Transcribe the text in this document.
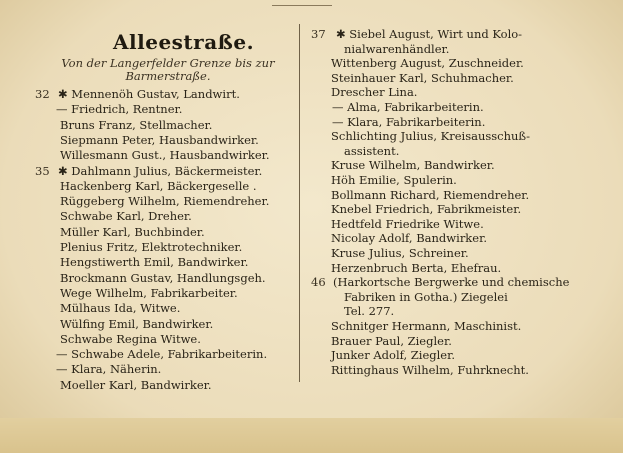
Alleestraße.
Von der Langerfelder Grenze bis zur
Barmerstraße.
32 ✱ Mennenöh Gustav, Landwirt.
— Friedrich, Rentner.
Bruns Franz, Stellmacher.
Siepmann Peter, Hausbandwirker.
Willesmann Gust., Hausbandwirker.
35 ✱ Dahlmann Julius, Bäckermeister.
Hackenberg Karl, Bäckergeselle .
Rüggeberg Wilhelm, Riemendreher.
Schwabe Karl, Dreher.
Müller Karl, Buchbinder.
Plenius Fritz, Elektrotechniker.
Hengstiwerth Emil, Bandwirker.
Brockmann Gustav, Handlungsgeh.
Wege Wilhelm, Fabrikarbeiter.
Mülhaus Ida, Witwe.
Wülfing Emil, Bandwirker.
Schwabe Regina Witwe.
— Schwabe Adele, Fabrikarbeiterin.
— Klara, Näherin.
Moeller Karl, Bandwirker.
37 ✱ Siebel August, Wirt und Kolo-
nialwarenhändler.
Wittenberg August, Zuschneider.
Steinhauer Karl, Schuhmacher.
Drescher Lina.
— Alma, Fabrikarbeiterin.
— Klara, Fabrikarbeiterin.
Schlichting Julius, Kreisausschuß-
assistent.
Kruse Wilhelm, Bandwirker.
Höh Emilie, Spulerin.
Bollmann Richard, Riemendreher.
Knebel Friedrich, Fabrikmeister.
Hedtfeld Friedrike Witwe.
Nicolay Adolf, Bandwirker.
Kruse Julius, Schreiner.
Herzenbruch Berta, Ehefrau.
46 (Harkortsche Bergwerke und chemische
Fabriken in Gotha.) Ziegelei
Tel. 277.
Schnitger Hermann, Maschinist.
Brauer Paul, Ziegler.
Junker Adolf, Ziegler.
Rittinghaus Wilhelm, Fuhrknecht.
